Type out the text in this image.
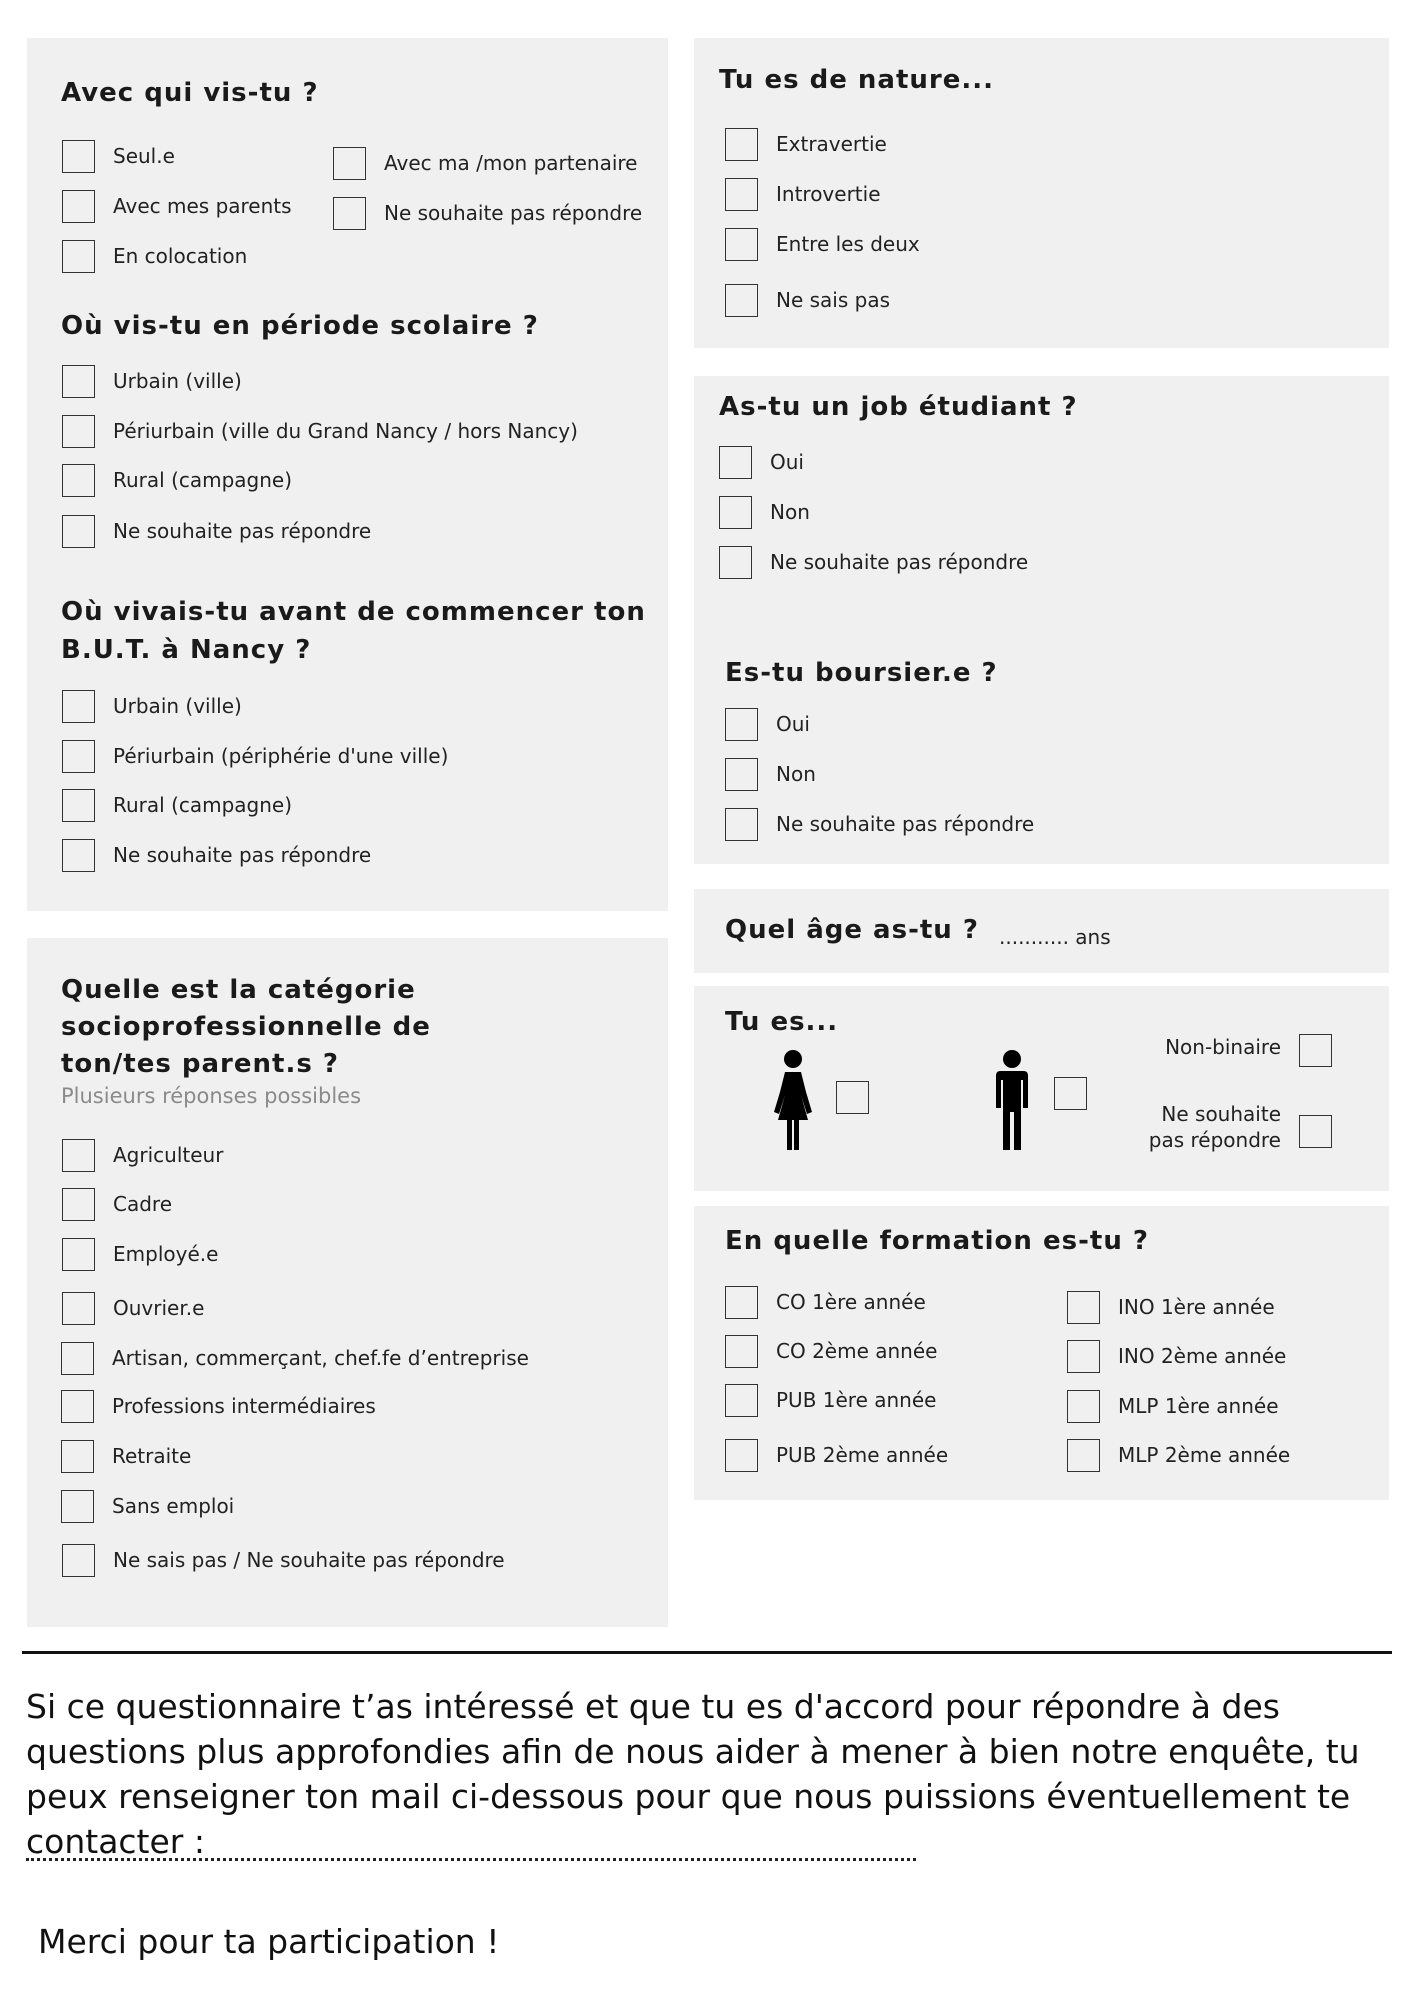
Avec qui vis-tu ?
Seul.e
Avec mes parents
En colocation
Avec ma /mon partenaire
Ne souhaite pas répondre
Où vis-tu en période scolaire ?
Urbain (ville)
Périurbain (ville du Grand Nancy / hors Nancy)
Rural (campagne)
Ne souhaite pas répondre
Où vivais-tu avant de commencer ton
B.U.T. à Nancy ?
Urbain (ville)
Périurbain (périphérie d'une ville)
Rural (campagne)
Ne souhaite pas répondre
Quelle est la catégorie
socioprofessionnelle de
ton/tes parent.s ?
Plusieurs réponses possibles
Agriculteur
Cadre
Employé.e
Ouvrier.e
Artisan, commerçant, chef.fe d’entreprise
Professions intermédiaires
Retraite
Sans emploi
Ne sais pas / Ne souhaite pas répondre
Tu es de nature...
Extravertie
Introvertie
Entre les deux
Ne sais pas
As-tu un job étudiant ?
Oui
Non
Ne souhaite pas répondre
Es-tu boursier.e ?
Oui
Non
Ne souhaite pas répondre
Quel âge as-tu ? ........... ans
Tu es...
Non-binaire
Ne souhaite
pas répondre
En quelle formation es-tu ?
CO 1ère année
CO 2ème année
PUB 1ère année
PUB 2ème année
INO 1ère année
INO 2ème année
MLP 1ère année
MLP 2ème année

Si ce questionnaire t’as intéressé et que tu es d'accord pour répondre à des questions plus approfondies afin de nous aider à mener à bien notre enquête, tu peux renseigner ton mail ci-dessous pour que nous puissions éventuellement te contacter :

Merci pour ta participation !
